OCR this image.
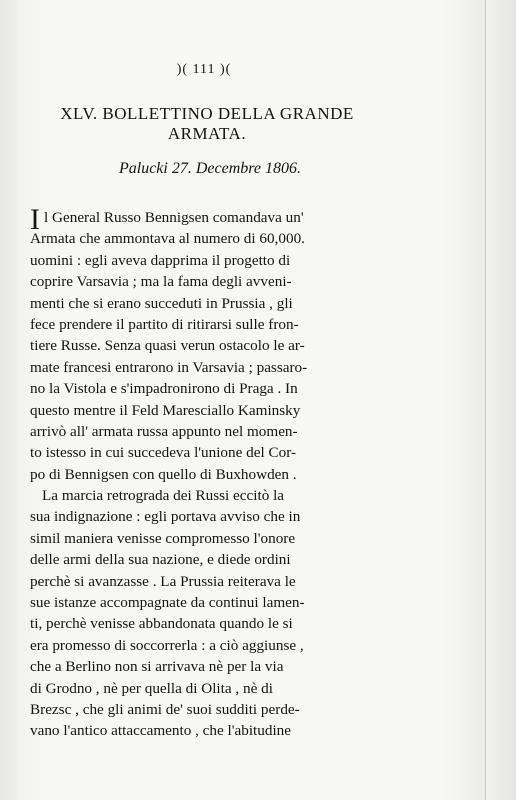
)( 111 )(
XLV. BOLLETTINO DELLA GRANDE ARMATA.
Palucki 27. Decembre 1806.
I l General Russo Bennigsen comandava un'
Armata che ammontava al numero di 60,000.
uomini : egli aveva dapprima il progetto di
coprire Varsavia ; ma la fama degli avveni-
menti che si erano succeduti in Prussia , gli
fece prendere il partito di ritirarsi sulle fron-
tiere Russe. Senza quasi verun ostacolo le ar-
mate francesi entrarono in Varsavia ; passaro-
no la Vistola e s'impadronirono di Praga . In
questo mentre il Feld Maresciallo Kaminsky
arrivò all' armata russa appunto nel momen-
to istesso in cui succedeva l'unione del Cor-
po di Bennigsen con quello di Buxhowden .
La marcia retrograda dei Russi eccitò la
sua indignazione : egli portava avviso che in
simil maniera venisse compromesso l'onore
delle armi della sua nazione, e diede ordini
perchè si avanzasse . La Prussia reiterava le
sue istanze accompagnate da continui lamen-
ti, perchè venisse abbandonata quando le si
era promesso di soccorrerla : a ciò aggiunse ,
che a Berlino non si arrivava nè per la via
di Grodno , nè per quella di Olita , nè di
Brezsc , che gli animi de' suoi sudditi perde-
vano l'antico attaccamento , che l'abitudine
